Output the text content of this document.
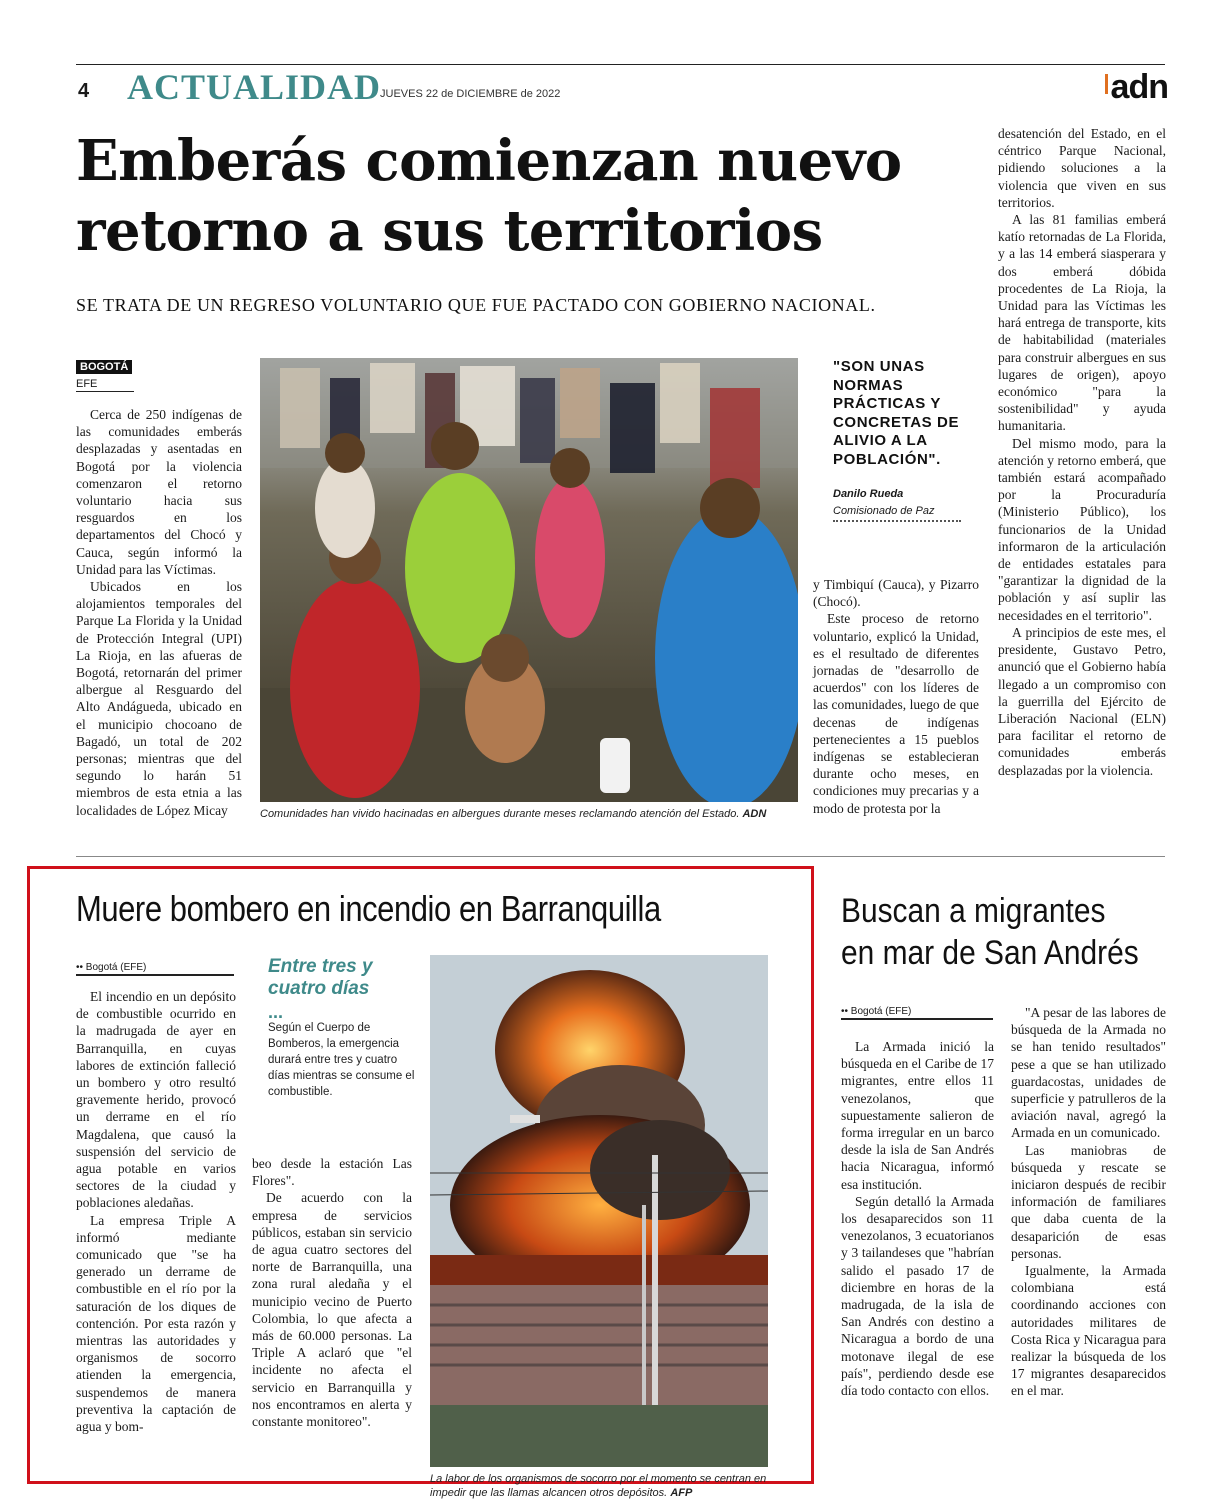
4 ACTUALIDAD
JUEVES 22 de DICIEMBRE de 2022	adn
Emberás comienzan nuevo
retorno a sus territorios
SE TRATA DE UN REGRESO VOLUNTARIO QUE FUE PACTADO CON GOBIERNO NACIONAL.
BOGOTÁ
EFE

Cerca de 250 indígenas de las comunidades emberás desplazadas y asentadas en Bogotá por la violencia comenzaron el retorno voluntario hacia sus resguardos en los departamentos del Chocó y Cauca, según informó la Unidad para las Víctimas.

Ubicados en los alojamientos temporales del Parque La Florida y la Unidad de Protección Integral (UPI) La Rioja, en las afueras de Bogotá, retornarán del primer albergue al Resguardo del Alto Andágueda, ubicado en el municipio chocoano de Bagadó, un total de 202 personas; mientras que del segundo lo harán 51 miembros de esta etnia a las localidades de López Micay	Comunidades han vivido hacinadas en albergues durante meses reclamando atención del Estado. ADN
"SON UNAS NORMAS PRÁCTICAS Y CONCRETAS DE ALIVIO A LA POBLACIÓN".
Danilo Rueda
Comisionado de Paz

y Timbiquí (Cauca), y Pizarro (Chocó).

Este proceso de retorno voluntario, explicó la Unidad, es el resultado de diferentes jornadas de "desarrollo de acuerdos" con los líderes de las comunidades, luego de que decenas de indígenas pertenecientes a 15 pueblos indígenas se establecieran durante ocho meses, en condiciones muy precarias y a modo de protesta por la

desatención del Estado, en el céntrico Parque Nacional, pidiendo soluciones a la violencia que viven en sus territorios.

A las 81 familias emberá katío retornadas de La Florida, y a las 14 emberá siasperara y dos emberá dóbida procedentes de La Rioja, la Unidad para las Víctimas les hará entrega de transporte, kits de habitabilidad (materiales para construir albergues en sus lugares de origen), apoyo económico "para la sostenibilidad" y ayuda humanitaria.

Del mismo modo, para la atención y retorno emberá, que también estará acompañado por la Procuraduría (Ministerio Público), los funcionarios de la Unidad informaron de la articulación de entidades estatales para "garantizar la dignidad de la población y así suplir las necesidades en el territorio".

A principios de este mes, el presidente, Gustavo Petro, anunció que el Gobierno había llegado a un compromiso con la guerrilla del Ejército de Liberación Nacional (ELN) para facilitar el retorno de comunidades emberás desplazadas por la violencia.

Muere bombero en incendio en Barranquilla
•• Bogotá (EFE)

El incendio en un depósito de combustible ocurrido en la madrugada de ayer en Barranquilla, en cuyas labores de extinción falleció un bombero y otro resultó gravemente herido, provocó un derrame en el río Magdalena, que causó la suspensión del servicio de agua potable en varios sectores de la ciudad y poblaciones aledañas.

La empresa Triple A informó mediante comunicado que "se ha generado un derrame de combustible en el río por la saturación de los diques de contención. Por esta razón y mientras las autoridades y organismos de socorro atienden la emergencia, suspendemos de manera preventiva la captación de agua y bom-

Entre tres y cuatro días
...
Según el Cuerpo de Bomberos, la emergencia durará entre tres y cuatro días mientras se consume el combustible.

beo desde la estación Las Flores".

De acuerdo con la empresa de servicios públicos, estaban sin servicio de agua cuatro sectores del norte de Barranquilla, una zona rural aledaña y el municipio vecino de Puerto Colombia, lo que afecta a más de 60.000 personas. La Triple A aclaró que "el incidente no afecta el servicio en Barranquilla y nos encontramos en alerta y constante monitoreo".

La labor de los organismos de socorro por el momento se centran en impedir que las llamas alcancen otros depósitos. AFP
Buscan a migrantes en mar de San Andrés
•• Bogotá (EFE)

La Armada inició la búsqueda en el Caribe de 17 migrantes, entre ellos 11 venezolanos, que supuestamente salieron de forma irregular en un barco desde la isla de San Andrés hacia Nicaragua, informó esa institución.

Según detalló la Armada los desaparecidos son 11 venezolanos, 3 ecuatorianos y 3 tailandeses que "habrían salido el pasado 17 de diciembre en horas de la madrugada, de la isla de San Andrés con destino a Nicaragua a bordo de una motonave ilegal de ese país", perdiendo desde ese día todo contacto con ellos.

"A pesar de las labores de búsqueda de la Armada no se han tenido resultados" pese a que se han utilizado guardacostas, unidades de superficie y patrulleros de la aviación naval, agregó la Armada en un comunicado.

Las maniobras de búsqueda y rescate se iniciaron después de recibir información de familiares que daba cuenta de la desaparición de esas personas.

Igualmente, la Armada colombiana está coordinando acciones con autoridades militares de Costa Rica y Nicaragua para realizar la búsqueda de los 17 migrantes desaparecidos en el mar.
